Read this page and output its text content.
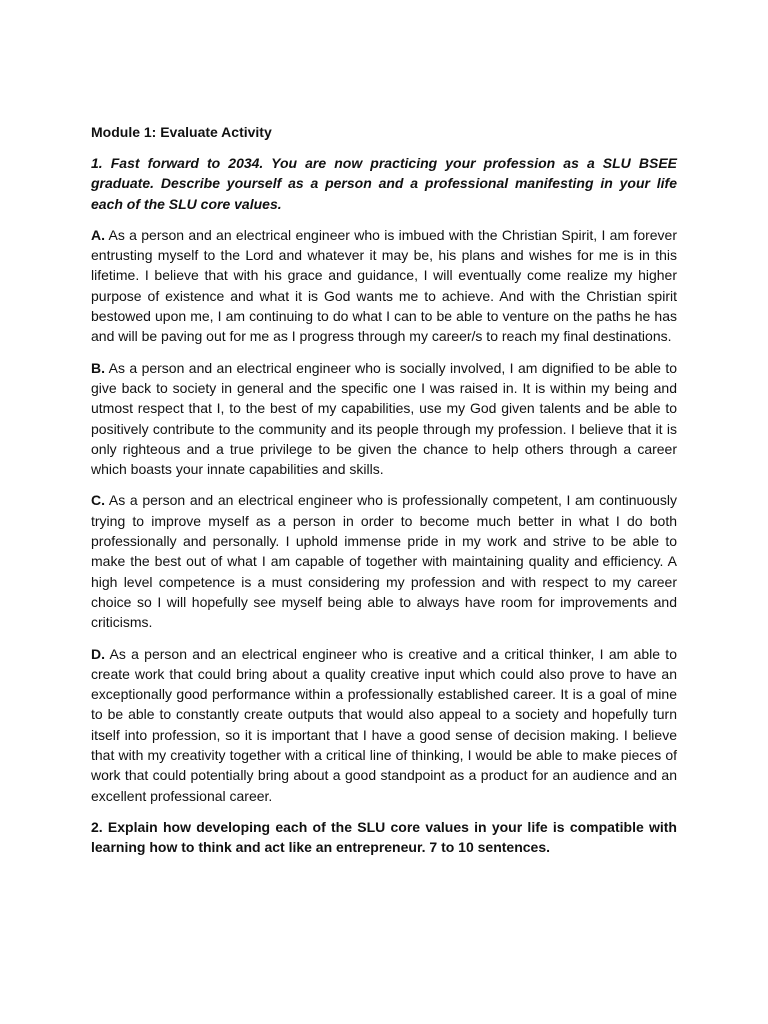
Module 1: Evaluate Activity

1. Fast forward to 2034. You are now practicing your profession as a SLU BSEE graduate. Describe yourself as a person and a professional manifesting in your life each of the SLU core values.

A. As a person and an electrical engineer who is imbued with the Christian Spirit, I am forever entrusting myself to the Lord and whatever it may be, his plans and wishes for me is in this lifetime. I believe that with his grace and guidance, I will eventually come realize my higher purpose of existence and what it is God wants me to achieve. And with the Christian spirit bestowed upon me, I am continuing to do what I can to be able to venture on the paths he has and will be paving out for me as I progress through my career/s to reach my final destinations.

B. As a person and an electrical engineer who is socially involved, I am dignified to be able to give back to society in general and the specific one I was raised in. It is within my being and utmost respect that I, to the best of my capabilities, use my God given talents and be able to positively contribute to the community and its people through my profession. I believe that it is only righteous and a true privilege to be given the chance to help others through a career which boasts your innate capabilities and skills.

C. As a person and an electrical engineer who is professionally competent, I am continuously trying to improve myself as a person in order to become much better in what I do both professionally and personally. I uphold immense pride in my work and strive to be able to make the best out of what I am capable of together with maintaining quality and efficiency. A high level competence is a must considering my profession and with respect to my career choice so I will hopefully see myself being able to always have room for improvements and criticisms.

D. As a person and an electrical engineer who is creative and a critical thinker, I am able to create work that could bring about a quality creative input which could also prove to have an exceptionally good performance within a professionally established career. It is a goal of mine to be able to constantly create outputs that would also appeal to a society and hopefully turn itself into profession, so it is important that I have a good sense of decision making. I believe that with my creativity together with a critical line of thinking, I would be able to make pieces of work that could potentially bring about a good standpoint as a product for an audience and an excellent professional career.

2. Explain how developing each of the SLU core values in your life is compatible with learning how to think and act like an entrepreneur. 7 to 10 sentences.
